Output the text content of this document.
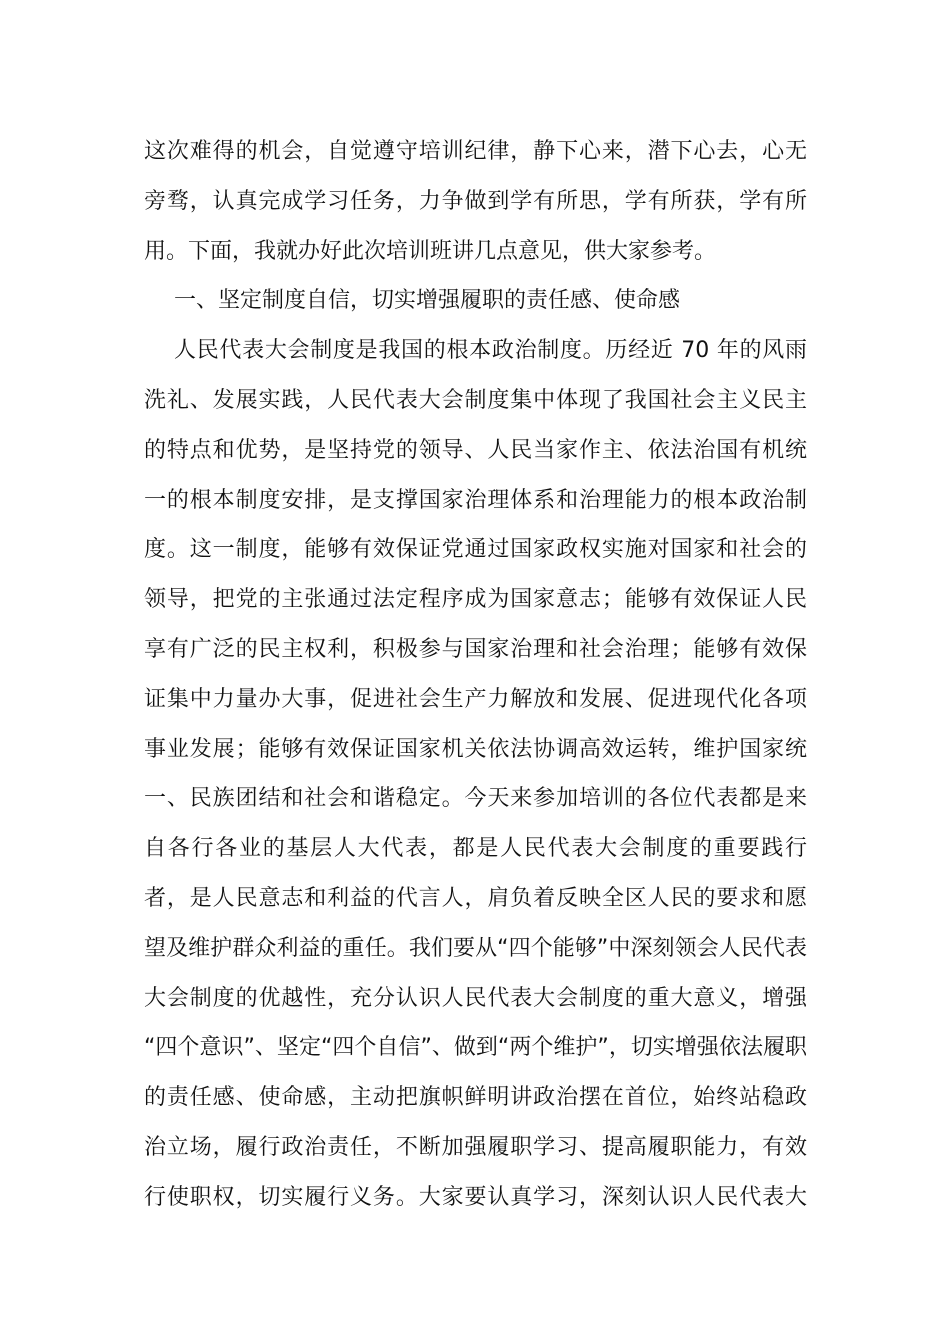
这次难得的机会，自觉遵守培训纪律，静下心来，潜下心去，心无
旁骛，认真完成学习任务，力争做到学有所思，学有所获，学有所
用。下面，我就办好此次培训班讲几点意见，供大家参考。
一、坚定制度自信，切实增强履职的责任感、使命感
人民代表大会制度是我国的根本政治制度。历经近 70 年的风雨
洗礼、发展实践，人民代表大会制度集中体现了我国社会主义民主
的特点和优势，是坚持党的领导、人民当家作主、依法治国有机统
一的根本制度安排，是支撑国家治理体系和治理能力的根本政治制
度。这一制度，能够有效保证党通过国家政权实施对国家和社会的
领导，把党的主张通过法定程序成为国家意志；能够有效保证人民
享有广泛的民主权利，积极参与国家治理和社会治理；能够有效保
证集中力量办大事，促进社会生产力解放和发展、促进现代化各项
事业发展；能够有效保证国家机关依法协调高效运转，维护国家统
一、民族团结和社会和谐稳定。今天来参加培训的各位代表都是来
自各行各业的基层人大代表，都是人民代表大会制度的重要践行
者，是人民意志和利益的代言人，肩负着反映全区人民的要求和愿
望及维护群众利益的重任。我们要从“四个能够”中深刻领会人民代表
大会制度的优越性，充分认识人民代表大会制度的重大意义，增强
“四个意识”、坚定“四个自信”、做到“两个维护”，切实增强依法履职
的责任感、使命感，主动把旗帜鲜明讲政治摆在首位，始终站稳政
治立场，履行政治责任，不断加强履职学习、提高履职能力，有效
行使职权，切实履行义务。大家要认真学习，深刻认识人民代表大
